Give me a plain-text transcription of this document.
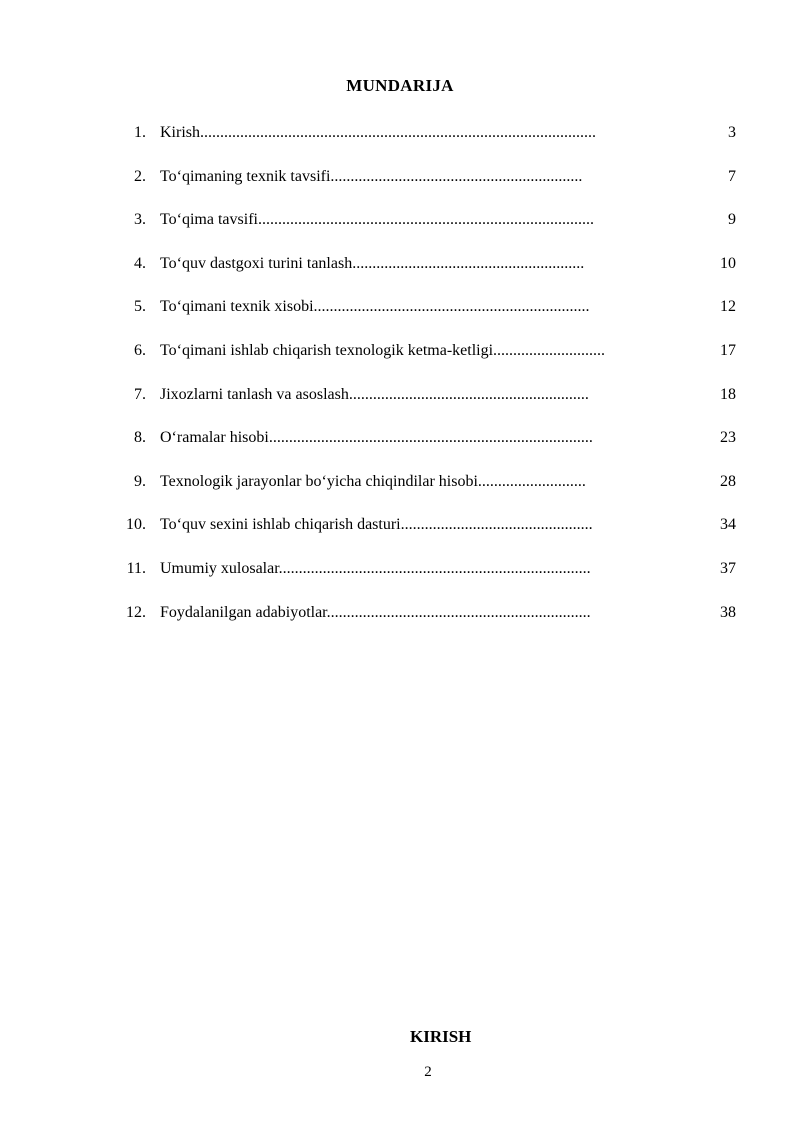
MUNDARIJA
1. Kirish...................................................................................................	3
2. To‘qimaning texnik tavsifi...............................................................	7
3. To‘qima tavsifi....................................................................................	9
4. To‘quv dastgoxi turini tanlash..........................................................	10
5. To‘qimani texnik xisobi.....................................................................	12
6. To‘qimani ishlab chiqarish texnologik ketma-ketligi............................	17
7. Jixozlarni tanlash va asoslash............................................................	18
8. O‘ramalar hisobi.................................................................................	23
9. Texnologik jarayonlar bo‘yicha chiqindilar hisobi...........................	28
10. To‘quv sexini ishlab chiqarish dasturi................................................	34
11. Umumiy xulosalar..............................................................................	37
12. Foydalanilgan adabiyotlar..................................................................	38
KIRISH
2
